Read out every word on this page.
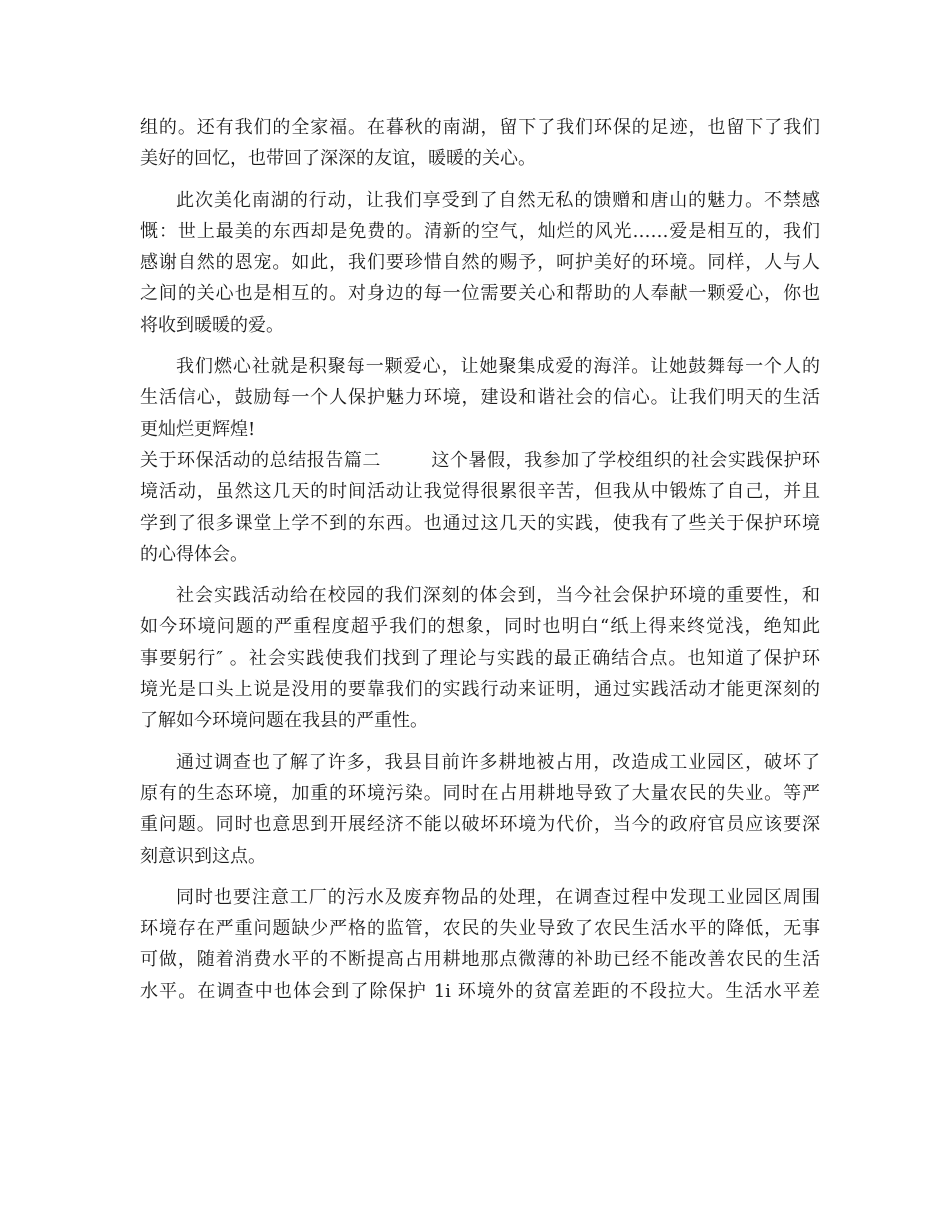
组的。还有我们的全家福。在暮秋的南湖，留下了我们环保的足迹，也留下了我们
美好的回忆，也带回了深深的友谊，暖暖的关心。
此次美化南湖的行动，让我们享受到了自然无私的馈赠和唐山的魅力。不禁感
慨：世上最美的东西却是免费的。清新的空气，灿烂的风光……爱是相互的，我们
感谢自然的恩宠。如此，我们要珍惜自然的赐予，呵护美好的环境。同样，人与人
之间的关心也是相互的。对身边的每一位需要关心和帮助的人奉献一颗爱心，你也
将收到暖暖的爱。
我们燃心社就是积聚每一颗爱心，让她聚集成爱的海洋。让她鼓舞每一个人的
生活信心，鼓励每一个人保护魅力环境，建设和谐社会的信心。让我们明天的生活
更灿烂更辉煌!
关于环保活动的总结报告篇二	这个暑假，我参加了学校组织的社会实践保护环
境活动，虽然这几天的时间活动让我觉得很累很辛苦，但我从中锻炼了自己，并且
学到了很多课堂上学不到的东西。也通过这几天的实践，使我有了些关于保护环境
的心得体会。
社会实践活动给在校园的我们深刻的体会到，当今社会保护环境的重要性，和
如今环境问题的严重程度超乎我们的想象，同时也明白“纸上得来终觉浅，绝知此
事要躬行″ 。社会实践使我们找到了理论与实践的最正确结合点。也知道了保护环
境光是口头上说是没用的要靠我们的实践行动来证明，通过实践活动才能更深刻的
了解如今环境问题在我县的严重性。
通过调查也了解了许多，我县目前许多耕地被占用，改造成工业园区，破坏了
原有的生态环境，加重的环境污染。同时在占用耕地导致了大量农民的失业。等严
重问题。同时也意思到开展经济不能以破坏环境为代价，当今的政府官员应该要深
刻意识到这点。
同时也要注意工厂的污水及废弃物品的处理，在调查过程中发现工业园区周围
环境存在严重问题缺少严格的监管，农民的失业导致了农民生活水平的降低，无事
可做，随着消费水平的不断提高占用耕地那点微薄的补助已经不能改善农民的生活
水平。在调查中也体会到了除保护 1i 环境外的贫富差距的不段拉大。生活水平差
